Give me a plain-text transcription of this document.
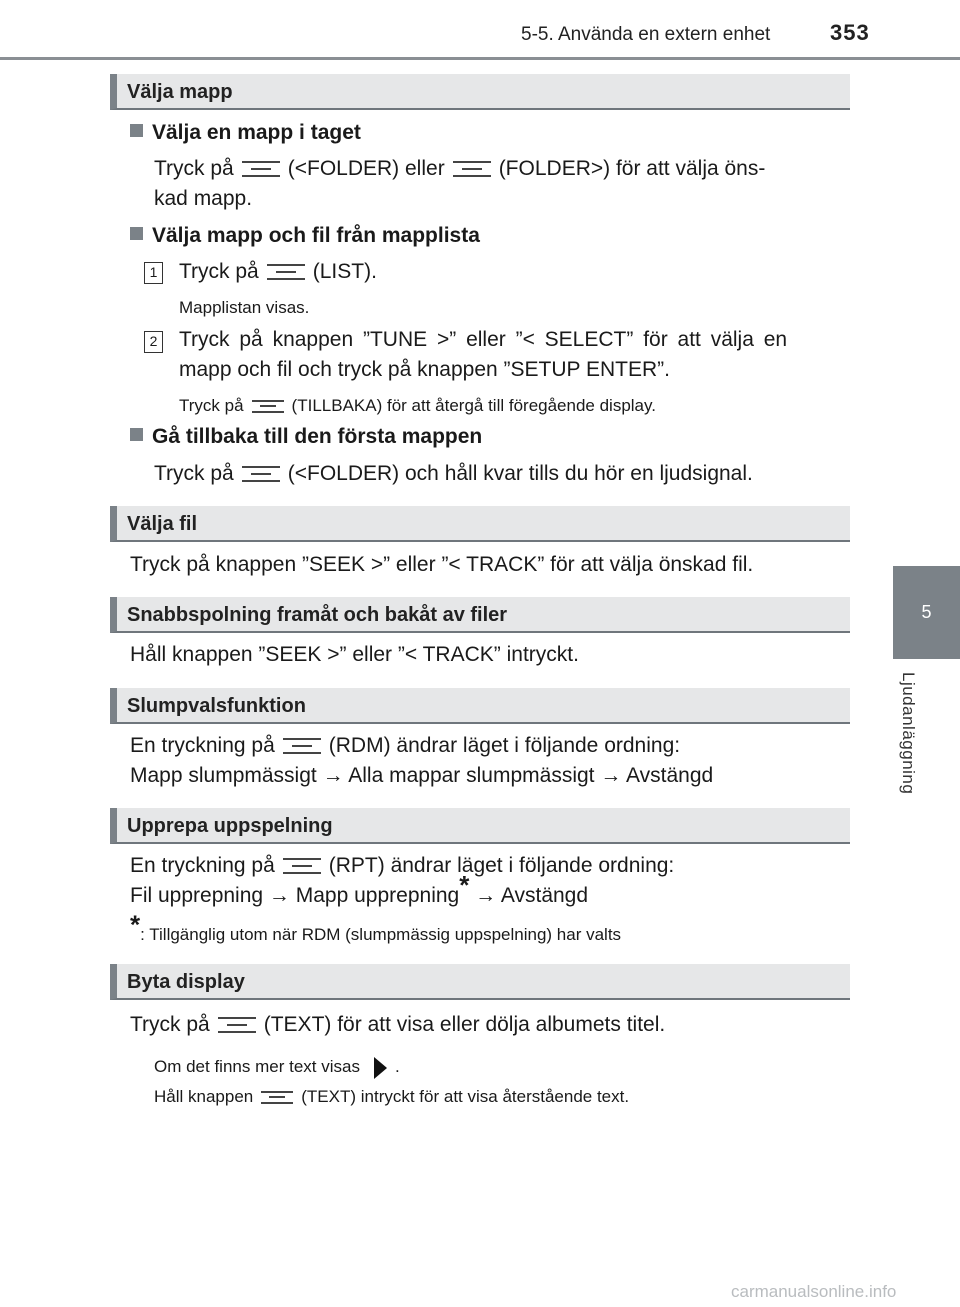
5-5. Använda en extern enhet	353
5
Ljudanläggning
Välja mapp
Välja en mapp i taget
Tryck på	(<FOLDER) eller	(FOLDER>) för att välja öns-
kad mapp.
Välja mapp och fil från mapplista
1 Tryck på	(LIST).
Mapplistan visas.
2 Tryck på knappen ”TUNE >” eller ”< SELECT” för att välja en
mapp och fil och tryck på knappen ”SETUP ENTER”.
Tryck på	(TILLBAKA) för att återgå till föregående display.
Gå tillbaka till den första mappen
Tryck på	(<FOLDER) och håll kvar tills du hör en ljudsignal.
Välja fil
Tryck på knappen ”SEEK >” eller ”< TRACK” för att välja önskad fil.
Snabbspolning framåt och bakåt av filer
Håll knappen ”SEEK >” eller ”< TRACK” intryckt.
Slumpvalsfunktion
En tryckning på	(RDM) ändrar läget i följande ordning:
Mapp slumpmässigt → Alla mappar slumpmässigt → Avstängd
Upprepa uppspelning
En tryckning på	(RPT) ändrar läget i följande ordning:
Fil upprepning → Mapp upprepning* → Avstängd
*: Tillgänglig utom när RDM (slumpmässig uppspelning) har valts
Byta display
Tryck på	(TEXT) för att visa eller dölja albumets titel.
Om det finns mer text visas .
Håll knappen	(TEXT) intryckt för att visa återstående text.
carmanualsonline.info
